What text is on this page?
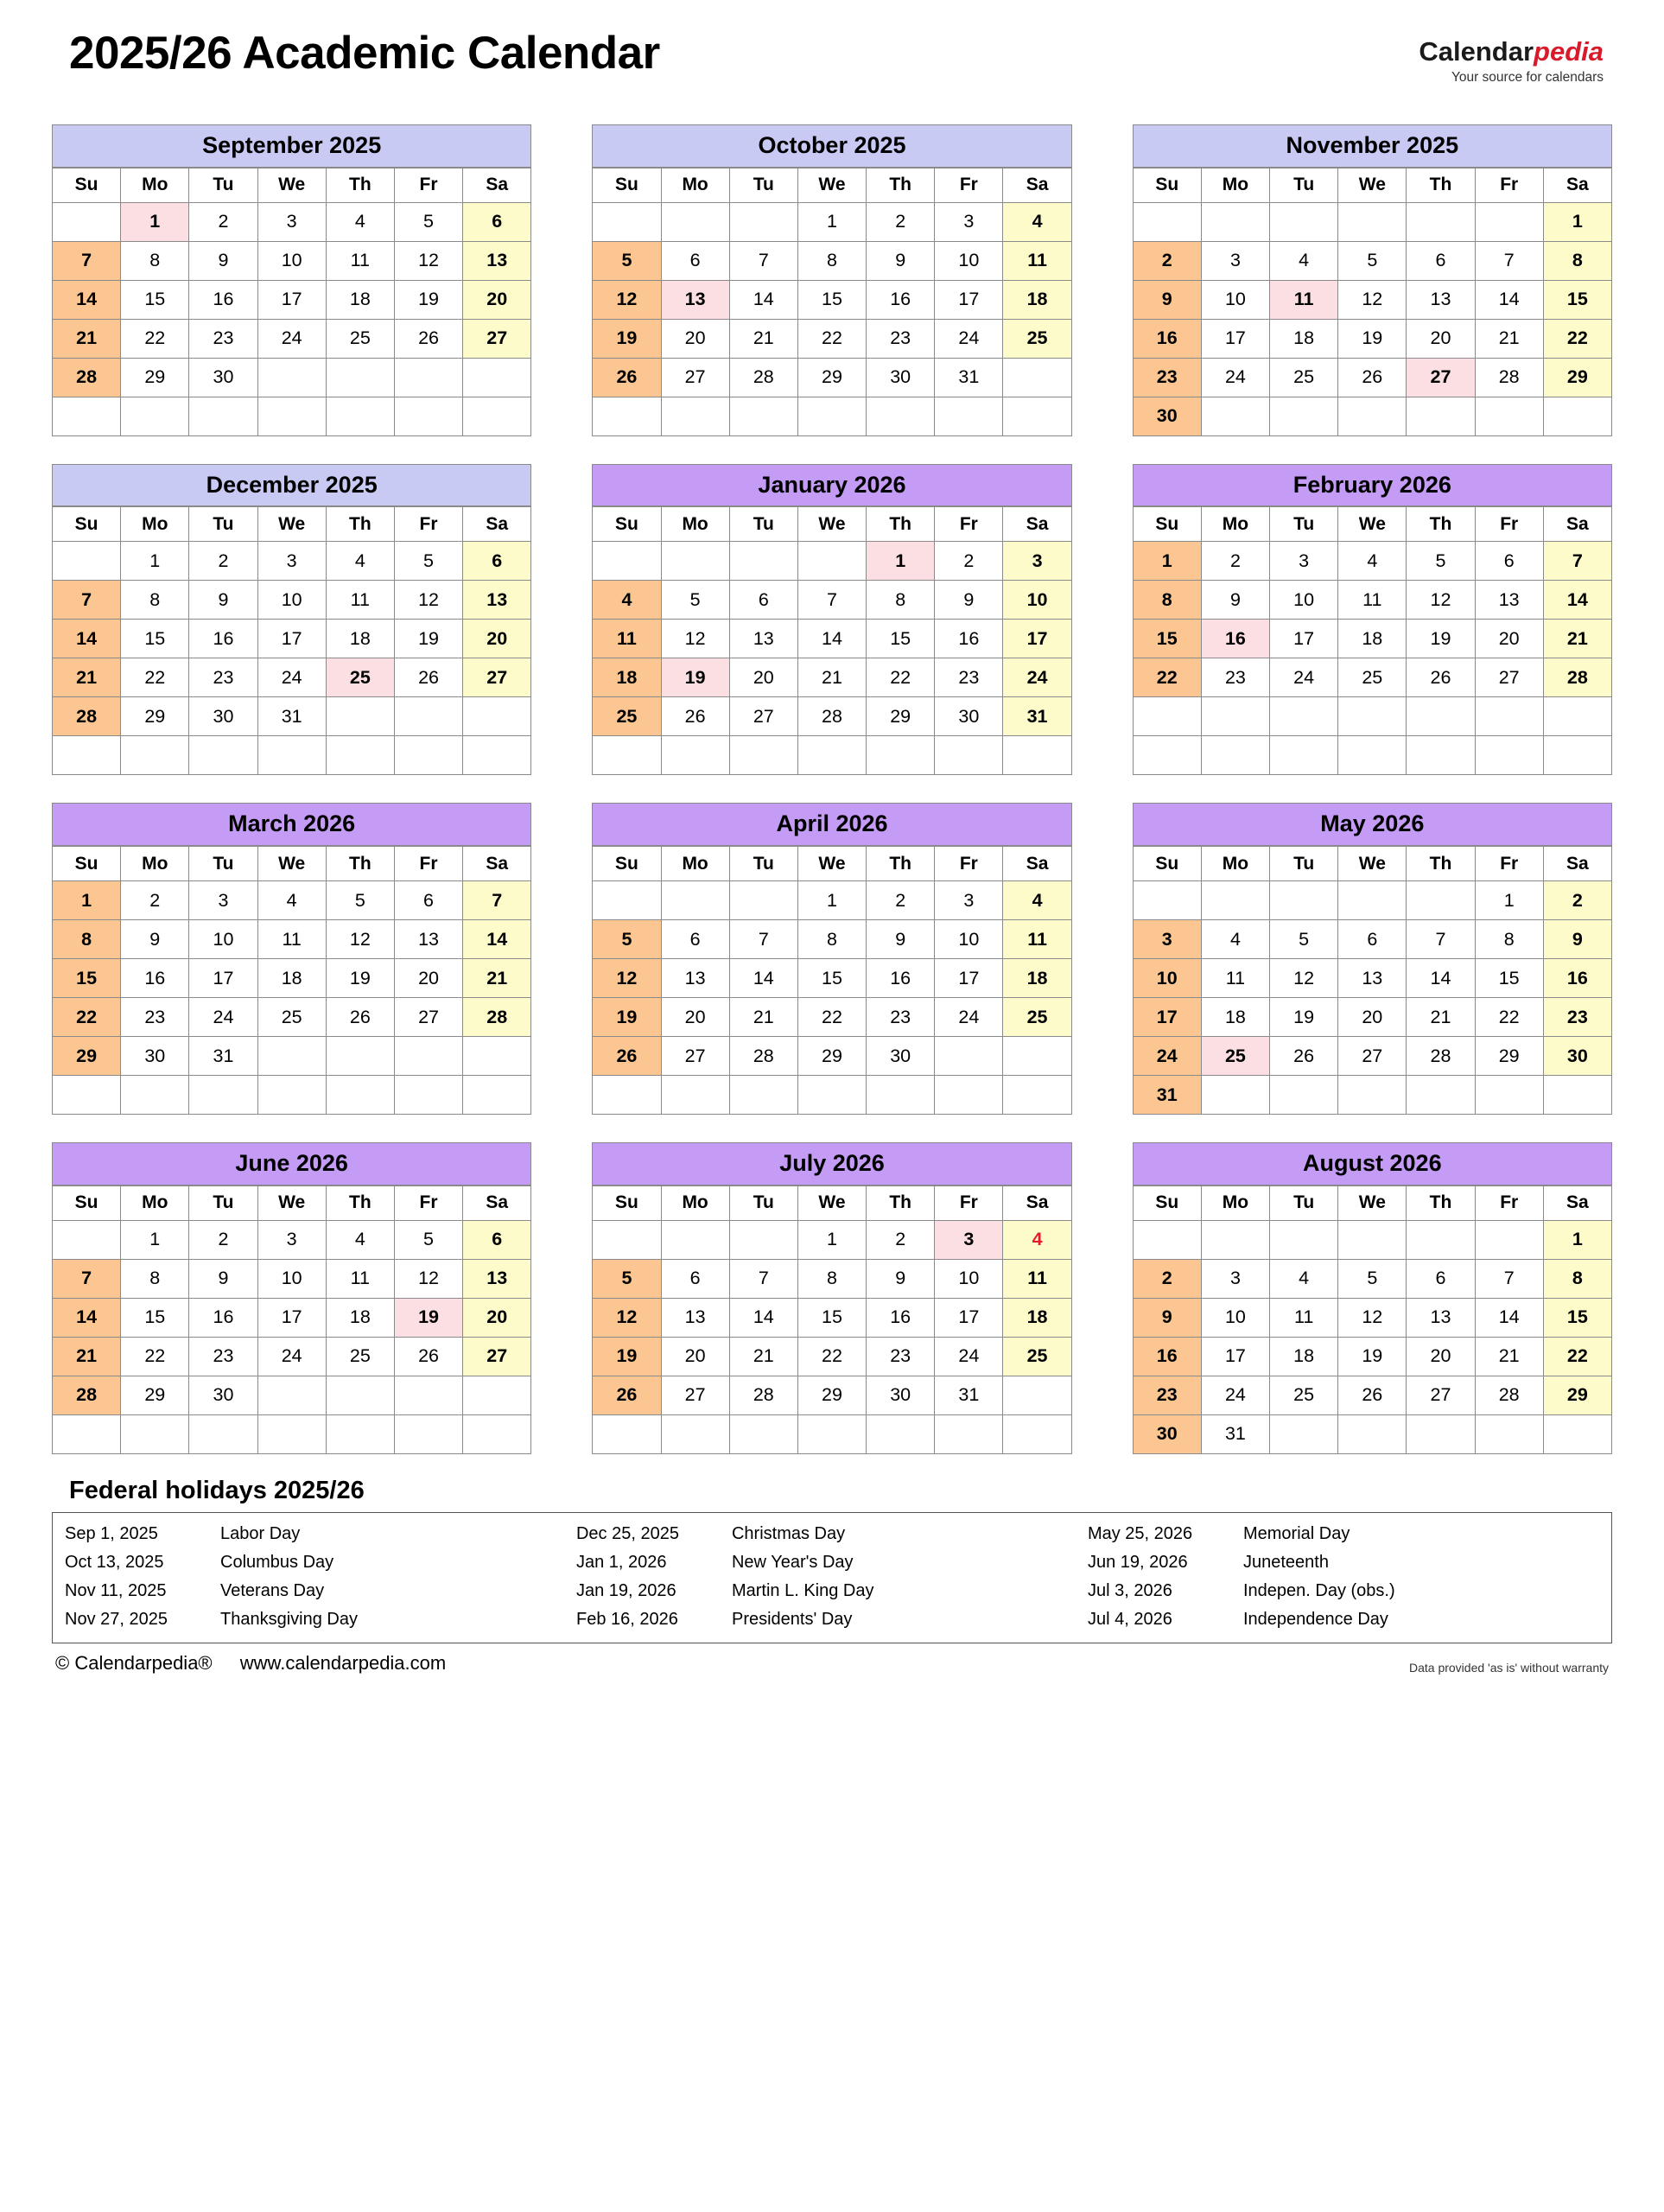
2025/26 Academic Calendar	Calendarpedia
Your source for calendars
September 2025
Su	Mo	Tu	We	Th	Fr	Sa
	1	2	3	4	5	6
7	8	9	10	11	12	13
14	15	16	17	18	19	20
21	22	23	24	25	26	27
28	29	30				

October 2025
Su	Mo	Tu	We	Th	Fr	Sa
			1	2	3	4
5	6	7	8	9	10	11
12	13	14	15	16	17	18
19	20	21	22	23	24	25
26	27	28	29	30	31	

November 2025
Su	Mo	Tu	We	Th	Fr	Sa
						1
2	3	4	5	6	7	8
9	10	11	12	13	14	15
16	17	18	19	20	21	22
23	24	25	26	27	28	29
30						
December 2025
Su	Mo	Tu	We	Th	Fr	Sa
	1	2	3	4	5	6
7	8	9	10	11	12	13
14	15	16	17	18	19	20
21	22	23	24	25	26	27
28	29	30	31			

January 2026
Su	Mo	Tu	We	Th	Fr	Sa
				1	2	3
4	5	6	7	8	9	10
11	12	13	14	15	16	17
18	19	20	21	22	23	24
25	26	27	28	29	30	31

February 2026
Su	Mo	Tu	We	Th	Fr	Sa
1	2	3	4	5	6	7
8	9	10	11	12	13	14
15	16	17	18	19	20	21
22	23	24	25	26	27	28

March 2026
Su	Mo	Tu	We	Th	Fr	Sa
1	2	3	4	5	6	7
8	9	10	11	12	13	14
15	16	17	18	19	20	21
22	23	24	25	26	27	28
29	30	31				

April 2026
Su	Mo	Tu	We	Th	Fr	Sa
			1	2	3	4
5	6	7	8	9	10	11
12	13	14	15	16	17	18
19	20	21	22	23	24	25
26	27	28	29	30		

May 2026
Su	Mo	Tu	We	Th	Fr	Sa
					1	2
3	4	5	6	7	8	9
10	11	12	13	14	15	16
17	18	19	20	21	22	23
24	25	26	27	28	29	30
31						
June 2026
Su	Mo	Tu	We	Th	Fr	Sa
	1	2	3	4	5	6
7	8	9	10	11	12	13
14	15	16	17	18	19	20
21	22	23	24	25	26	27
28	29	30				

July 2026
Su	Mo	Tu	We	Th	Fr	Sa
			1	2	3	4
5	6	7	8	9	10	11
12	13	14	15	16	17	18
19	20	21	22	23	24	25
26	27	28	29	30	31	

August 2026
Su	Mo	Tu	We	Th	Fr	Sa
						1
2	3	4	5	6	7	8
9	10	11	12	13	14	15
16	17	18	19	20	21	22
23	24	25	26	27	28	29
30	31					
Federal holidays 2025/26
Sep 1, 2025	Labor Day	Dec 25, 2025	Christmas Day	May 25, 2026	Memorial Day
Oct 13, 2025	Columbus Day	Jan 1, 2026	New Year's Day	Jun 19, 2026	Juneteenth
Nov 11, 2025	Veterans Day	Jan 19, 2026	Martin L. King Day	Jul 3, 2026	Indepen. Day (obs.)
Nov 27, 2025	Thanksgiving Day	Feb 16, 2026	Presidents' Day	Jul 4, 2026	Independence Day
© Calendarpedia® www.calendarpedia.com	Data provided 'as is' without warranty
